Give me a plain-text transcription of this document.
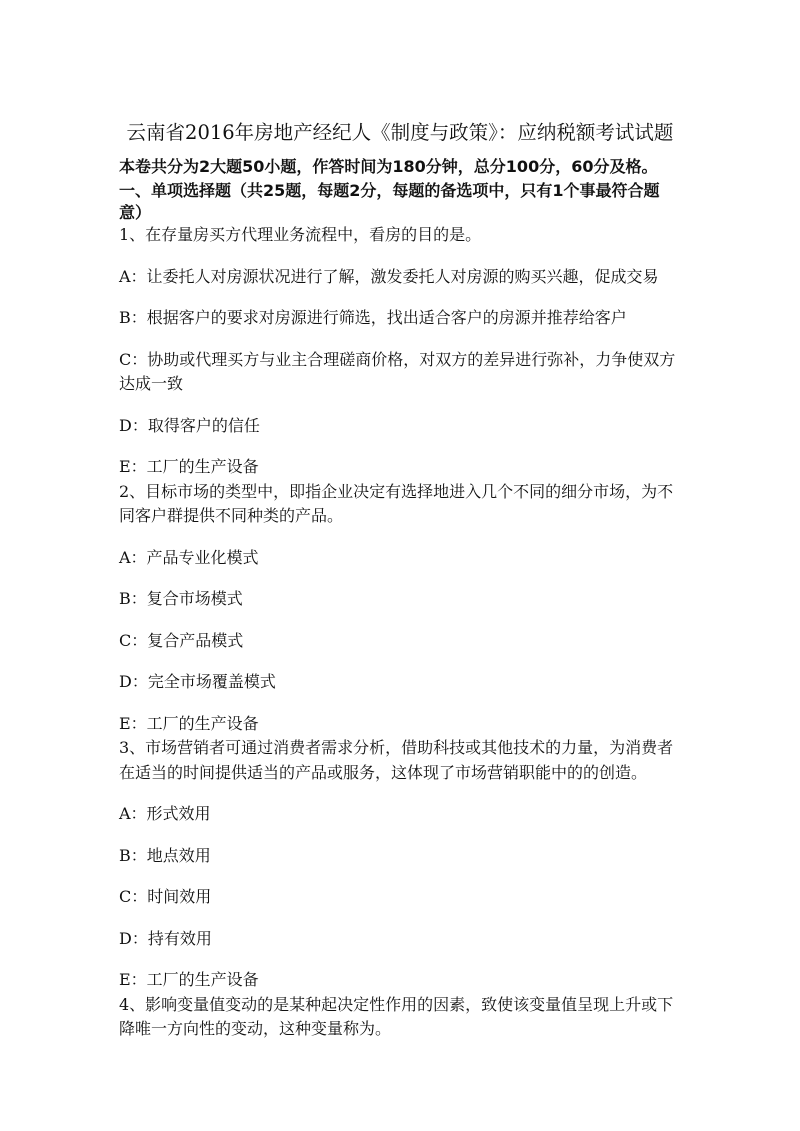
云南省2016年房地产经纪人《制度与政策》：应纳税额考试试题
本卷共分为2大题50小题，作答时间为180分钟，总分100分，60分及格。
一、单项选择题（共25题，每题2分，每题的备选项中，只有1个事最符合题
意）

1、在存量房买方代理业务流程中，看房的目的是。

A：让委托人对房源状况进行了解，激发委托人对房源的购买兴趣，促成交易
B：根据客户的要求对房源进行筛选，找出适合客户的房源并推荐给客户
C：协助或代理买方与业主合理磋商价格，对双方的差异进行弥补，力争使双方达成一致
D：取得客户的信任
E：工厂的生产设备

2、目标市场的类型中，即指企业决定有选择地进入几个不同的细分市场，为不同客户群提供不同种类的产品。

A：产品专业化模式
B：复合市场模式
C：复合产品模式
D：完全市场覆盖模式
E：工厂的生产设备

3、市场营销者可通过消费者需求分析，借助科技或其他技术的力量，为消费者在适当的时间提供适当的产品或服务，这体现了市场营销职能中的的创造。

A：形式效用
B：地点效用
C：时间效用
D：持有效用
E：工厂的生产设备

4、影响变量值变动的是某种起决定性作用的因素，致使该变量值呈现上升或下降唯一方向性的变动，这种变量称为。
